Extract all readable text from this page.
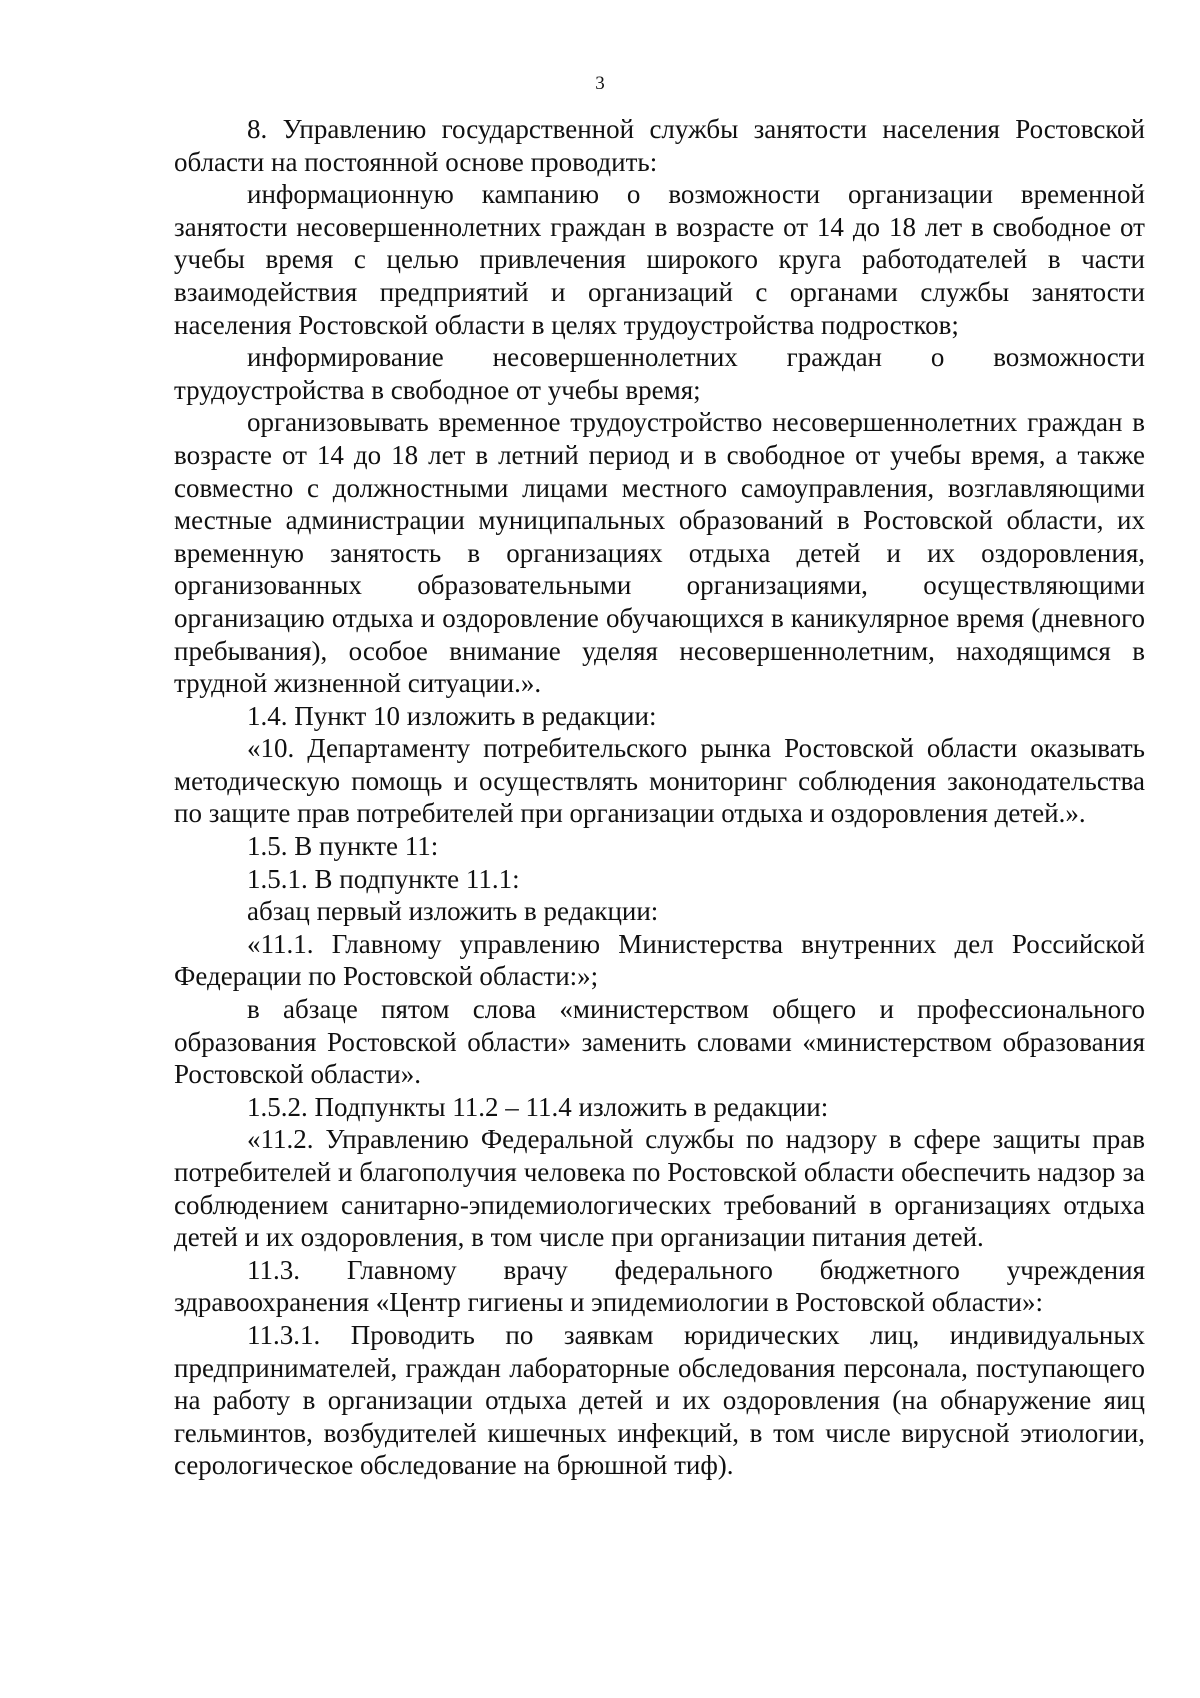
3

8. Управлению государственной службы занятости населения Ростовской области на постоянной основе проводить:

информационную кампанию о возможности организации временной занятости несовершеннолетних граждан в возрасте от 14 до 18 лет в свободное от учебы время с целью привлечения широкого круга работодателей в части взаимодействия предприятий и организаций с органами службы занятости населения Ростовской области в целях трудоустройства подростков;

информирование несовершеннолетних граждан о возможности трудоустройства в свободное от учебы время;

организовывать временное трудоустройство несовершеннолетних граждан в возрасте от 14 до 18 лет в летний период и в свободное от учебы время, а также совместно с должностными лицами местного самоуправления, возглавляющими местные администрации муниципальных образований в Ростовской области, их временную занятость в организациях отдыха детей и их оздоровления, организованных образовательными организациями, осуществляющими организацию отдыха и оздоровление обучающихся в каникулярное время (дневного пребывания), особое внимание уделяя несовершеннолетним, находящимся в трудной жизненной ситуации.».

1.4. Пункт 10 изложить в редакции:

«10. Департаменту потребительского рынка Ростовской области оказывать методическую помощь и осуществлять мониторинг соблюдения законодательства по защите прав потребителей при организации отдыха и оздоровления детей.».

1.5. В пункте 11:

1.5.1. В подпункте 11.1:

абзац первый изложить в редакции:

«11.1. Главному управлению Министерства внутренних дел Российской Федерации по Ростовской области:»;

в абзаце пятом слова «министерством общего и профессионального образования Ростовской области» заменить словами «министерством образования Ростовской области».

1.5.2. Подпункты 11.2 – 11.4 изложить в редакции:

«11.2. Управлению Федеральной службы по надзору в сфере защиты прав потребителей и благополучия человека по Ростовской области обеспечить надзор за соблюдением санитарно-эпидемиологических требований в организациях отдыха детей и их оздоровления, в том числе при организации питания детей.

11.3. Главному врачу федерального бюджетного учреждения здравоохранения «Центр гигиены и эпидемиологии в Ростовской области»:

11.3.1. Проводить по заявкам юридических лиц, индивидуальных предпринимателей, граждан лабораторные обследования персонала, поступающего на работу в организации отдыха детей и их оздоровления (на обнаружение яиц гельминтов, возбудителей кишечных инфекций, в том числе вирусной этиологии, серологическое обследование на брюшной тиф).
